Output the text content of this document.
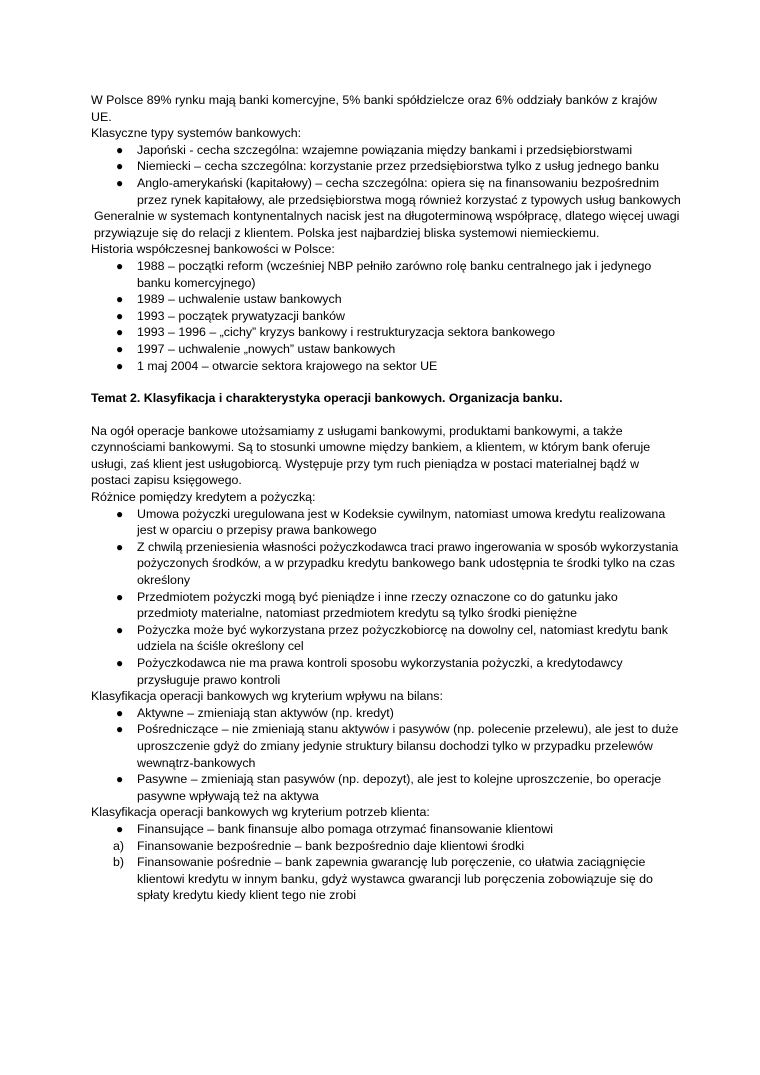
W Polsce 89% rynku mają banki komercyjne, 5% banki spółdzielcze oraz 6% oddziały banków z krajów UE.

Klasyczne typy systemów bankowych:

● Japoński - cecha szczególna: wzajemne powiązania między bankami i przedsiębiorstwami
● Niemiecki – cecha szczególna: korzystanie przez przedsiębiorstwa tylko z usług jednego banku
● Anglo-amerykański (kapitałowy) – cecha szczególna: opiera się na finansowaniu bezpośrednim przez rynek kapitałowy, ale przedsiębiorstwa mogą również korzystać z typowych usług bankowych

Generalnie w systemach kontynentalnych nacisk jest na długoterminową współpracę, dlatego więcej uwagi przywiązuje się do relacji z klientem. Polska jest najbardziej bliska systemowi niemieckiemu.

Historia współczesnej bankowości w Polsce:

● 1988 – początki reform (wcześniej NBP pełniło zarówno rolę banku centralnego jak i jedynego banku komercyjnego)
● 1989 – uchwalenie ustaw bankowych
● 1993 – początek prywatyzacji banków
● 1993 – 1996 – „cichy” kryzys bankowy i restrukturyzacja sektora bankowego
● 1997 – uchwalenie „nowych” ustaw bankowych
● 1 maj 2004 – otwarcie sektora krajowego na sektor UE

Temat 2. Klasyfikacja i charakterystyka operacji bankowych. Organizacja banku.

Na ogół operacje bankowe utożsamiamy z usługami bankowymi, produktami bankowymi, a także czynnościami bankowymi. Są to stosunki umowne między bankiem, a klientem, w którym bank oferuje usługi, zaś klient jest usługobiorcą. Występuje przy tym ruch pieniądza w postaci materialnej bądź w postaci zapisu księgowego.

Różnice pomiędzy kredytem a pożyczką:

● Umowa pożyczki uregulowana jest w Kodeksie cywilnym, natomiast umowa kredytu realizowana jest w oparciu o przepisy prawa bankowego
● Z chwilą przeniesienia własności pożyczkodawca traci prawo ingerowania w sposób wykorzystania pożyczonych środków, a w przypadku kredytu bankowego bank udostępnia te środki tylko na czas określony
● Przedmiotem pożyczki mogą być pieniądze i inne rzeczy oznaczone co do gatunku jako przedmioty materialne, natomiast przedmiotem kredytu są tylko środki pieniężne
● Pożyczka może być wykorzystana przez pożyczkobiorcę na dowolny cel, natomiast kredytu bank udziela na ściśle określony cel
● Pożyczkodawca nie ma prawa kontroli sposobu wykorzystania pożyczki, a kredytodawcy przysługuje prawo kontroli

Klasyfikacja operacji bankowych wg kryterium wpływu na bilans:

● Aktywne – zmieniają stan aktywów (np. kredyt)
● Pośredniczące – nie zmieniają stanu aktywów i pasywów (np. polecenie przelewu), ale jest to duże uproszczenie gdyż do zmiany jedynie struktury bilansu dochodzi tylko w przypadku przelewów wewnątrz-bankowych
● Pasywne – zmieniają stan pasywów (np. depozyt), ale jest to kolejne uproszczenie, bo operacje pasywne wpływają też na aktywa

Klasyfikacja operacji bankowych wg kryterium potrzeb klienta:

● Finansujące – bank finansuje albo pomaga otrzymać finansowanie klientowi
a) Finansowanie bezpośrednie – bank bezpośrednio daje klientowi środki
b) Finansowanie pośrednie – bank zapewnia gwarancję lub poręczenie, co ułatwia zaciągnięcie klientowi kredytu w innym banku, gdyż wystawca gwarancji lub poręczenia zobowiązuje się do spłaty kredytu kiedy klient tego nie zrobi
